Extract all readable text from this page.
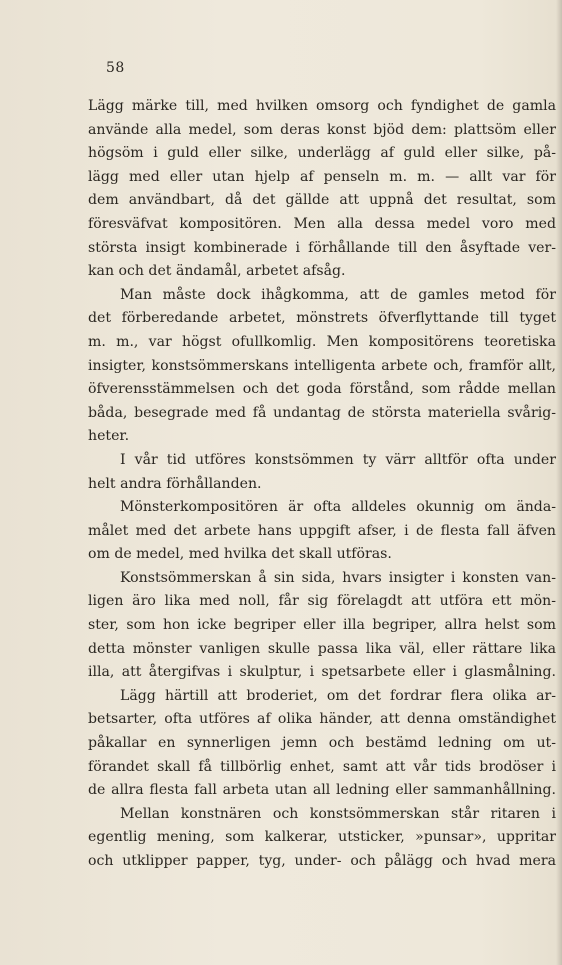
58
Lägg märke till, med hvilken omsorg och fyndighet de gamla
använde alla medel, som deras konst bjöd dem: plattsöm eller
högsöm i guld eller silke, underlägg af guld eller silke, på-
lägg med eller utan hjelp af penseln m. m. — allt var för
dem användbart, då det gällde att uppnå det resultat, som
föresväfvat kompositören. Men alla dessa medel voro med
största insigt kombinerade i förhållande till den åsyftade ver-
kan och det ändamål, arbetet afsåg.
Man måste dock ihågkomma, att de gamles metod för
det förberedande arbetet, mönstrets öfverflyttande till tyget
m. m., var högst ofullkomlig. Men kompositörens teoretiska
insigter, konstsömmerskans intelligenta arbete och, framför allt,
öfverensstämmelsen och det goda förstånd, som rådde mellan
båda, besegrade med få undantag de största materiella svårig-
heter.
I vår tid utföres konstsömmen ty värr alltför ofta under
helt andra förhållanden.
Mönsterkompositören är ofta alldeles okunnig om ända-
målet med det arbete hans uppgift afser, i de flesta fall äfven
om de medel, med hvilka det skall utföras.
Konstsömmerskan å sin sida, hvars insigter i konsten van-
ligen äro lika med noll, får sig förelagdt att utföra ett mön-
ster, som hon icke begriper eller illa begriper, allra helst som
detta mönster vanligen skulle passa lika väl, eller rättare lika
illa, att återgifvas i skulptur, i spetsarbete eller i glasmålning.
Lägg härtill att broderiet, om det fordrar flera olika ar-
betsarter, ofta utföres af olika händer, att denna omständighet
påkallar en synnerligen jemn och bestämd ledning om ut-
förandet skall få tillbörlig enhet, samt att vår tids brodöser i
de allra flesta fall arbeta utan all ledning eller sammanhållning.
Mellan konstnären och konstsömmerskan står ritaren i
egentlig mening, som kalkerar, utsticker, »punsar», uppritar
och utklipper papper, tyg, under- och pålägg och hvad mera
